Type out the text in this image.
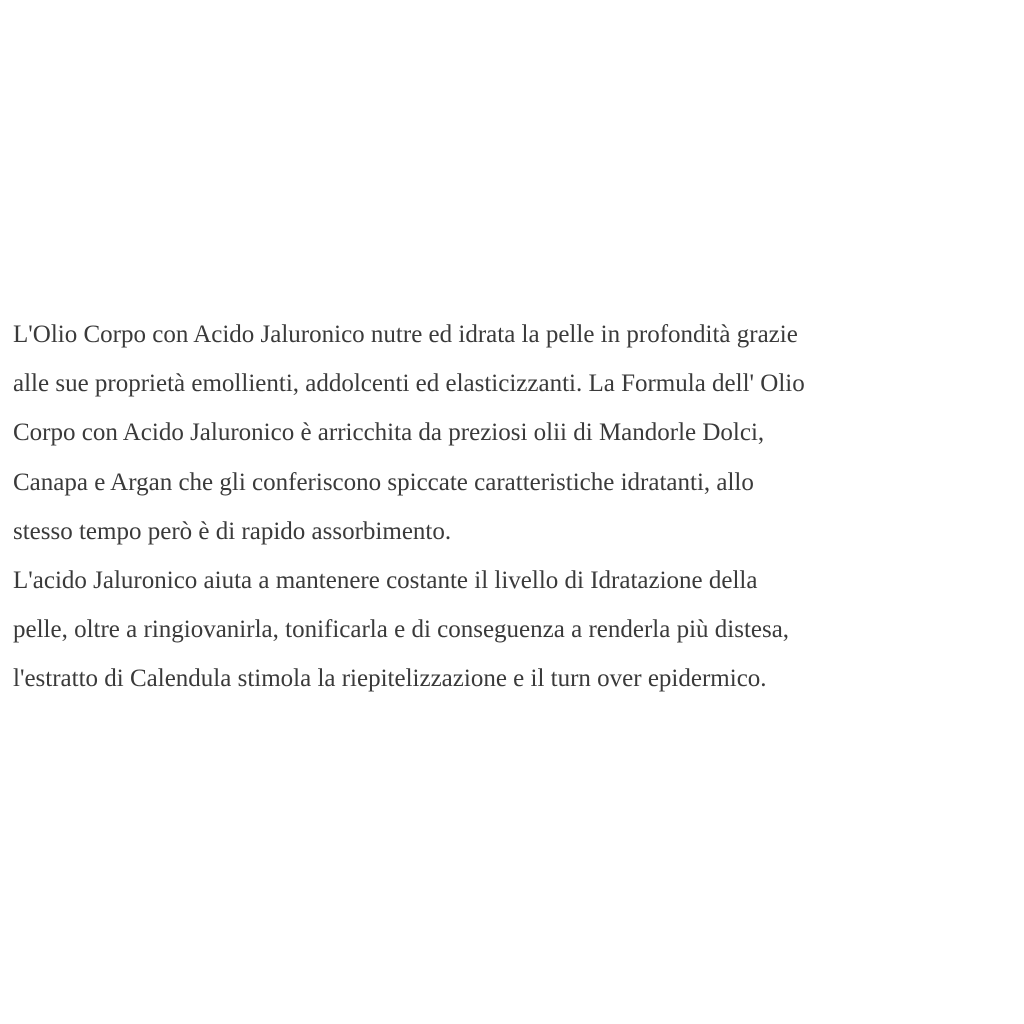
L'Olio Corpo con Acido Jaluronico nutre ed idrata la pelle in profondità grazie
alle sue proprietà emollienti, addolcenti ed elasticizzanti. La Formula dell' Olio
Corpo con Acido Jaluronico è arricchita da preziosi olii di Mandorle Dolci,
Canapa e Argan che gli conferiscono spiccate caratteristiche idratanti, allo
stesso tempo però è di rapido assorbimento.

L'acido Jaluronico aiuta a mantenere costante il livello di Idratazione della
pelle, oltre a ringiovanirla, tonificarla e di conseguenza a renderla più distesa,
l'estratto di Calendula stimola la riepitelizzazione e il turn over epidermico.
